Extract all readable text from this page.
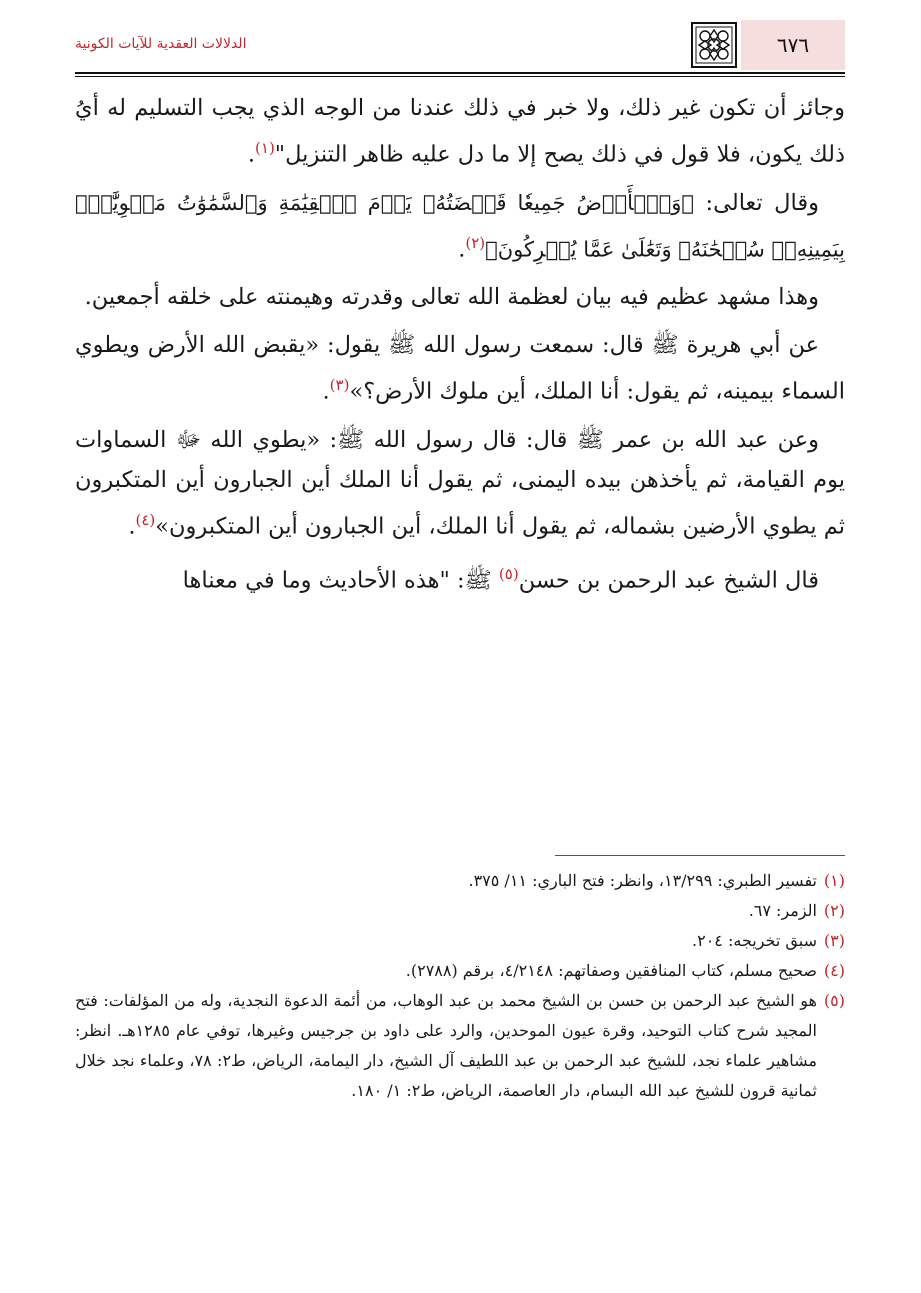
٦٧٦
الدلالات العقدية للآيات الكونية

وجائز أن تكون غير ذلك، ولا خبر في ذلك عندنا من الوجه الذي يجب التسليم له أيُ ذلك يكون، فلا قول في ذلك يصح إلا ما دل عليه ظاهر التنزيل"$^{(١)}$.

وقال تعالى: ﴿وَٱلۡأَرۡضُ جَمِيعٗا قَبۡضَتُهُۥ يَوۡمَ ٱلۡقِيَٰمَةِ وَٱلسَّمَٰوَٰتُ مَطۡوِيَّٰتُۢ بِيَمِينِهِۦۚ سُبۡحَٰنَهُۥ وَتَعَٰلَىٰ عَمَّا يُشۡرِكُونَ﴾$^{(٢)}$.

وهذا مشهد عظيم فيه بيان لعظمة الله تعالى وقدرته وهيمنته على خلقه أجمعين.

عن أبي هريرة ﷺ قال: سمعت رسول الله ﷺ يقول: «يقبض الله الأرض ويطوي السماء بيمينه، ثم يقول: أنا الملك، أين ملوك الأرض؟»$^{(٣)}$.

وعن عبد الله بن عمر ﷺ قال: قال رسول الله ﷺ: «يطوي الله ﷻ السماوات يوم القيامة، ثم يأخذهن بيده اليمنى، ثم يقول أنا الملك أين الجبارون أين المتكبرون ثم يطوي الأرضين بشماله، ثم يقول أنا الملك، أين الجبارون أين المتكبرون»$^{(٤)}$.

قال الشيخ عبد الرحمن بن حسن$^{(٥)}$ ﷺ: "هذه الأحاديث وما في معناها

(١)
تفسير الطبري: ١٣/٢٩٩، وانظر: فتح الباري: ١١/ ٣٧٥.
(٢)
الزمر: ٦٧.
(٣)
سبق تخريجه: ٢٠٤.
(٤)
صحيح مسلم، كتاب المنافقين وصفاتهم: ٤/٢١٤٨، برقم (٢٧٨٨).
(٥)
هو الشيخ عبد الرحمن بن حسن بن الشيخ محمد بن عبد الوهاب، من أئمة الدعوة النجدية، وله من المؤلفات: فتح المجيد شرح كتاب التوحيد، وقرة عيون الموحدين، والرد على داود بن جرجيس وغيرها، توفي عام ١٢٨٥هـ. انظر: مشاهير علماء نجد، للشيخ عبد الرحمن بن عبد اللطيف آل الشيخ، دار اليمامة، الرياض، ط٢: ٧٨، وعلماء نجد خلال ثمانية قرون للشيخ عبد الله البسام، دار العاصمة، الرياض، ط٢: ١/ ١٨٠.
